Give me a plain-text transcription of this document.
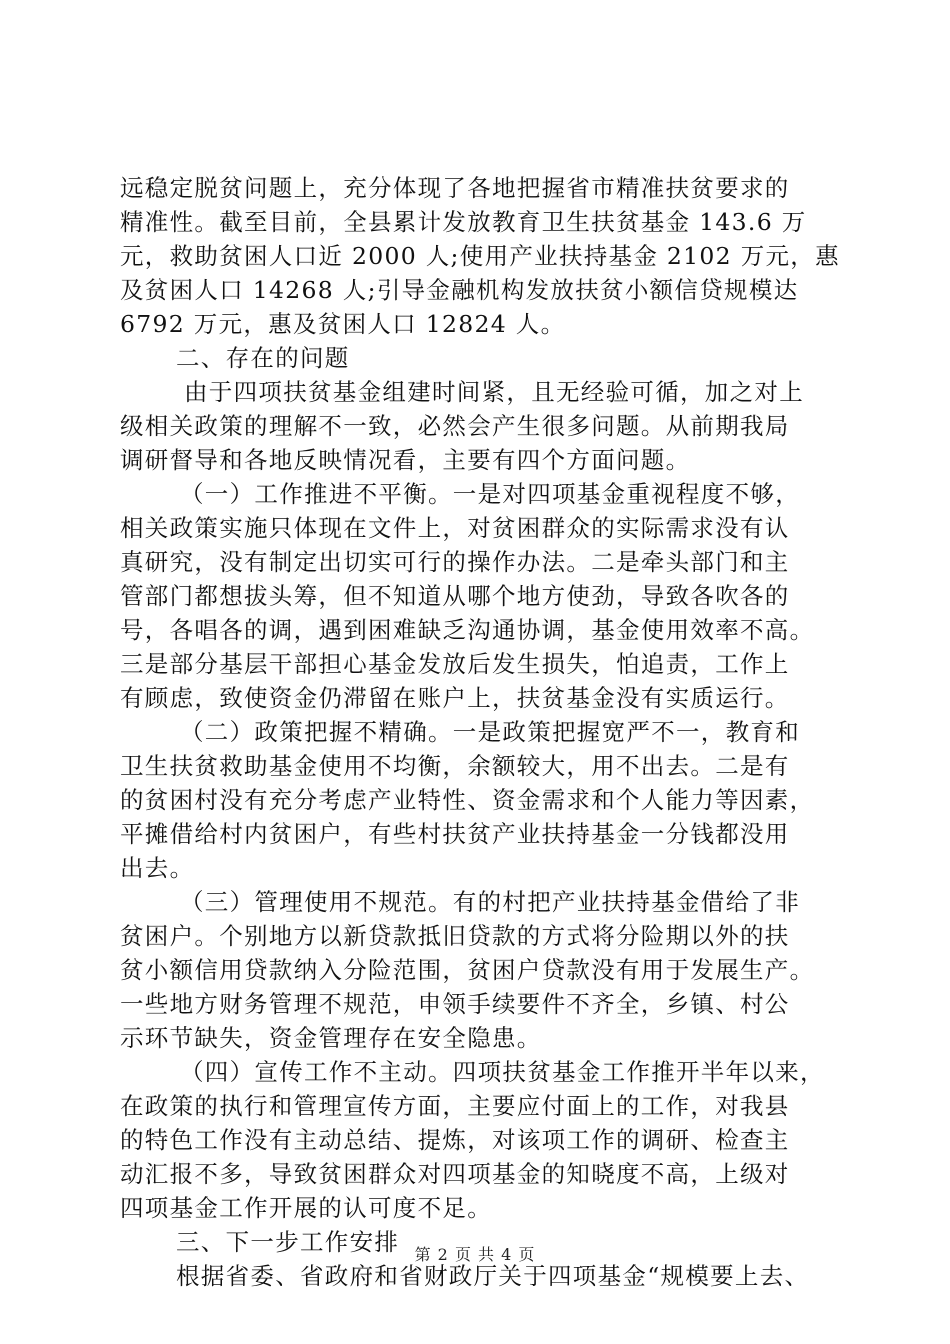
远稳定脱贫问题上，充分体现了各地把握省市精准扶贫要求的
精准性。截至目前，全县累计发放教育卫生扶贫基金 143.6 万
元，救助贫困人口近 2000 人;使用产业扶持基金 2102 万元，惠
及贫困人口 14268 人;引导金融机构发放扶贫小额信贷规模达
6792 万元，惠及贫困人口 12824 人。
二、存在的问题
由于四项扶贫基金组建时间紧，且无经验可循，加之对上
级相关政策的理解不一致，必然会产生很多问题。从前期我局
调研督导和各地反映情况看，主要有四个方面问题。
（一）工作推进不平衡。一是对四项基金重视程度不够，
相关政策实施只体现在文件上，对贫困群众的实际需求没有认
真研究，没有制定出切实可行的操作办法。二是牵头部门和主
管部门都想拔头筹，但不知道从哪个地方使劲，导致各吹各的
号，各唱各的调，遇到困难缺乏沟通协调，基金使用效率不高。
三是部分基层干部担心基金发放后发生损失，怕追责，工作上
有顾虑，致使资金仍滞留在账户上，扶贫基金没有实质运行。
（二）政策把握不精确。一是政策把握宽严不一，教育和
卫生扶贫救助基金使用不均衡，余额较大，用不出去。二是有
的贫困村没有充分考虑产业特性、资金需求和个人能力等因素，
平摊借给村内贫困户，有些村扶贫产业扶持基金一分钱都没用
出去。
（三）管理使用不规范。有的村把产业扶持基金借给了非
贫困户。个别地方以新贷款抵旧贷款的方式将分险期以外的扶
贫小额信用贷款纳入分险范围，贫困户贷款没有用于发展生产。
一些地方财务管理不规范，申领手续要件不齐全，乡镇、村公
示环节缺失，资金管理存在安全隐患。
（四）宣传工作不主动。四项扶贫基金工作推开半年以来，
在政策的执行和管理宣传方面，主要应付面上的工作，对我县
的特色工作没有主动总结、提炼，对该项工作的调研、检查主
动汇报不多，导致贫困群众对四项基金的知晓度不高，上级对
四项基金工作开展的认可度不足。
三、下一步工作安排
根据省委、省政府和省财政厅关于四项基金“规模要上去、
第 2 页 共 4 页
